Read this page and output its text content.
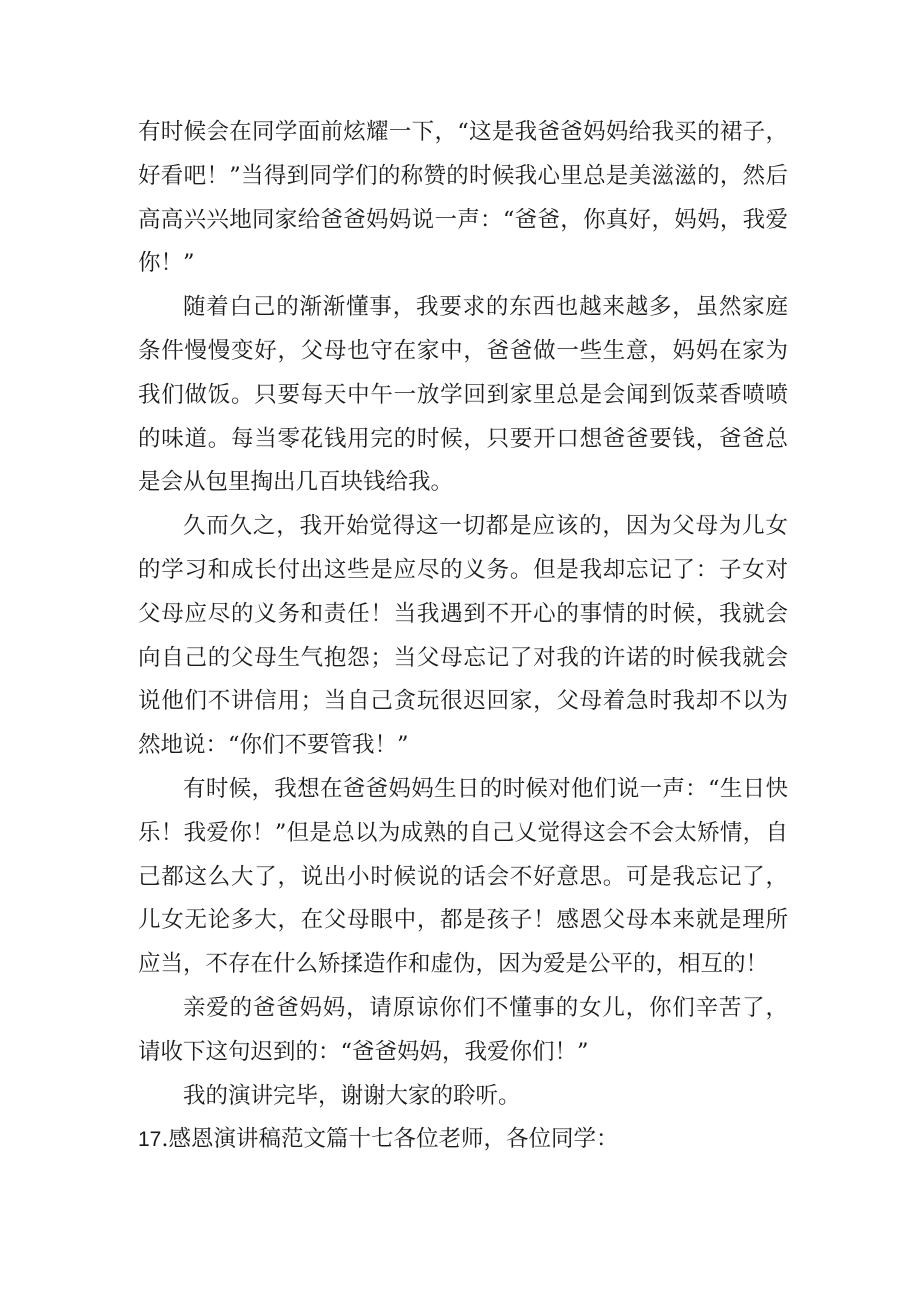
有时候会在同学面前炫耀一下，“这是我爸爸妈妈给我买的裙子，好看吧！”当得到同学们的称赞的时候我心里总是美滋滋的，然后高高兴兴地同家给爸爸妈妈说一声：“爸爸，你真好，妈妈，我爱你！”

随着白己的渐渐懂事，我要求的东西也越来越多，虽然家庭条件慢慢变好，父母也守在家中，爸爸做一些生意，妈妈在家为我们做饭。只要每天中午一放学回到家里总是会闻到饭菜香喷喷的味道。每当零花钱用完的时候，只要开口想爸爸要钱，爸爸总是会从包里掏出几百块钱给我。

久而久之，我开始觉得这一切都是应该的，因为父母为儿女的学习和成长付出这些是应尽的义务。但是我却忘记了：子女对父母应尽的义务和责任！当我遇到不开心的事情的时候，我就会向自己的父母生气抱怨；当父母忘记了对我的许诺的时候我就会说他们不讲信用；当自己贪玩很迟回家，父母着急时我却不以为然地说：“你们不要管我！”

有时候，我想在爸爸妈妈生日的时候对他们说一声：“生日快乐！我爱你！”但是总以为成熟的自己乂觉得这会不会太矫情，自己都这么大了，说出小时候说的话会不好意思。可是我忘记了，儿女无论多大，在父母眼中，都是孩子！感恩父母本来就是理所应当，不存在什么矫揉造作和虚伪，因为爱是公平的，相互的！

亲爱的爸爸妈妈，请原谅你们不懂事的女儿，你们辛苦了，请收下这句迟到的：“爸爸妈妈，我爱你们！”

我的演讲完毕，谢谢大家的聆听。

17.感恩演讲稿范文篇十七各位老师，各位同学：
